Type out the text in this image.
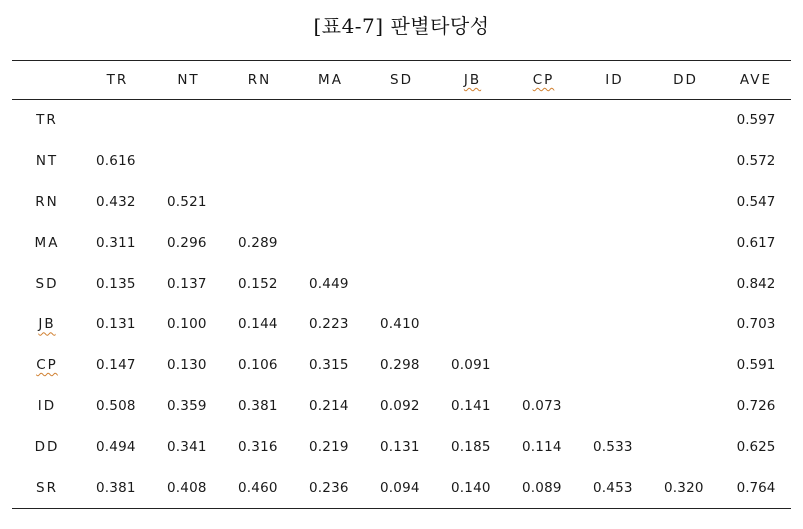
[표4-7] 판별타당성
	TR	NT	RN	MA	SD	JB	CP	ID	DD	AVE
TR										0.597
NT	0.616									0.572
RN	0.432	0.521								0.547
MA	0.311	0.296	0.289							0.617
SD	0.135	0.137	0.152	0.449						0.842
JB	0.131	0.100	0.144	0.223	0.410					0.703
CP	0.147	0.130	0.106	0.315	0.298	0.091				0.591
ID	0.508	0.359	0.381	0.214	0.092	0.141	0.073			0.726
DD	0.494	0.341	0.316	0.219	0.131	0.185	0.114	0.533		0.625
SR	0.381	0.408	0.460	0.236	0.094	0.140	0.089	0.453	0.320	0.764
